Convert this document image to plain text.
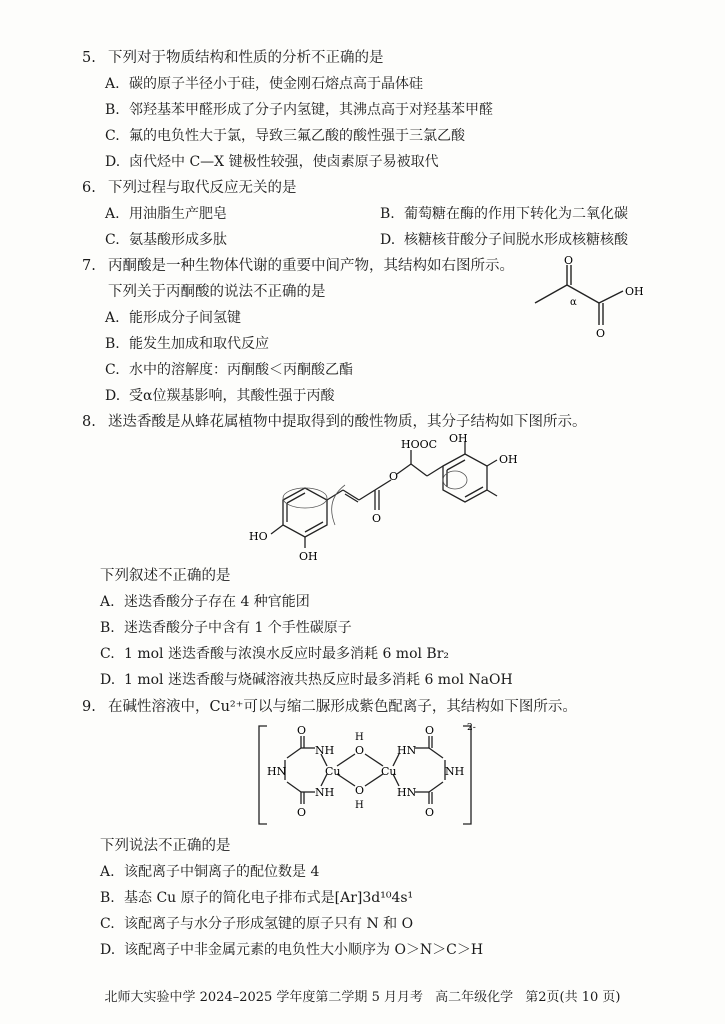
5. 下列对于物质结构和性质的分析不正确的是
A. 碳的原子半径小于硅，使金刚石熔点高于晶体硅
B. 邻羟基苯甲醛形成了分子内氢键，其沸点高于对羟基苯甲醛
C. 氟的电负性大于氯，导致三氟乙酸的酸性强于三氯乙酸
D. 卤代烃中 C—X 键极性较强，使卤素原子易被取代
6. 下列过程与取代反应无关的是
A. 用油脂生产肥皂	B. 葡萄糖在酶的作用下转化为二氧化碳
C. 氨基酸形成多肽	D. 核糖核苷酸分子间脱水形成核糖核酸
7. 丙酮酸是一种生物体代谢的重要中间产物，其结构如右图所示。
下列关于丙酮酸的说法不正确的是
A. 能形成分子间氢键
B. 能发生加成和取代反应
C. 水中的溶解度：丙酮酸＜丙酮酸乙酯
D. 受α位羰基影响，其酸性强于丙酸
O
O
α
OH
8. 迷迭香酸是从蜂花属植物中提取得到的酸性物质，其分子结构如下图所示。
HOOC OH
OH
HO
OH
O
O
下列叙述不正确的是
A. 迷迭香酸分子存在 4 种官能团
B. 迷迭香酸分子中含有 1 个手性碳原子
C. 1 mol 迷迭香酸与浓溴水反应时最多消耗 6 mol Br₂
D. 1 mol 迷迭香酸与烧碱溶液共热反应时最多消耗 6 mol NaOH
9. 在碱性溶液中，Cu²⁺可以与缩二脲形成紫色配离子，其结构如下图所示。
O
O
O
O
NH
NH
HN
HN
HN
NH
Cu	Cu
H
O
O
H
2-
下列说法不正确的是
A. 该配离子中铜离子的配位数是 4
B. 基态 Cu 原子的简化电子排布式是[Ar]3d¹⁰4s¹
C. 该配离子与水分子形成氢键的原子只有 N 和 O
D. 该配离子中非金属元素的电负性大小顺序为 O＞N＞C＞H
北师大实验中学 2024–2025 学年度第二学期 5 月月考 高二年级化学 第2页(共 10 页)
